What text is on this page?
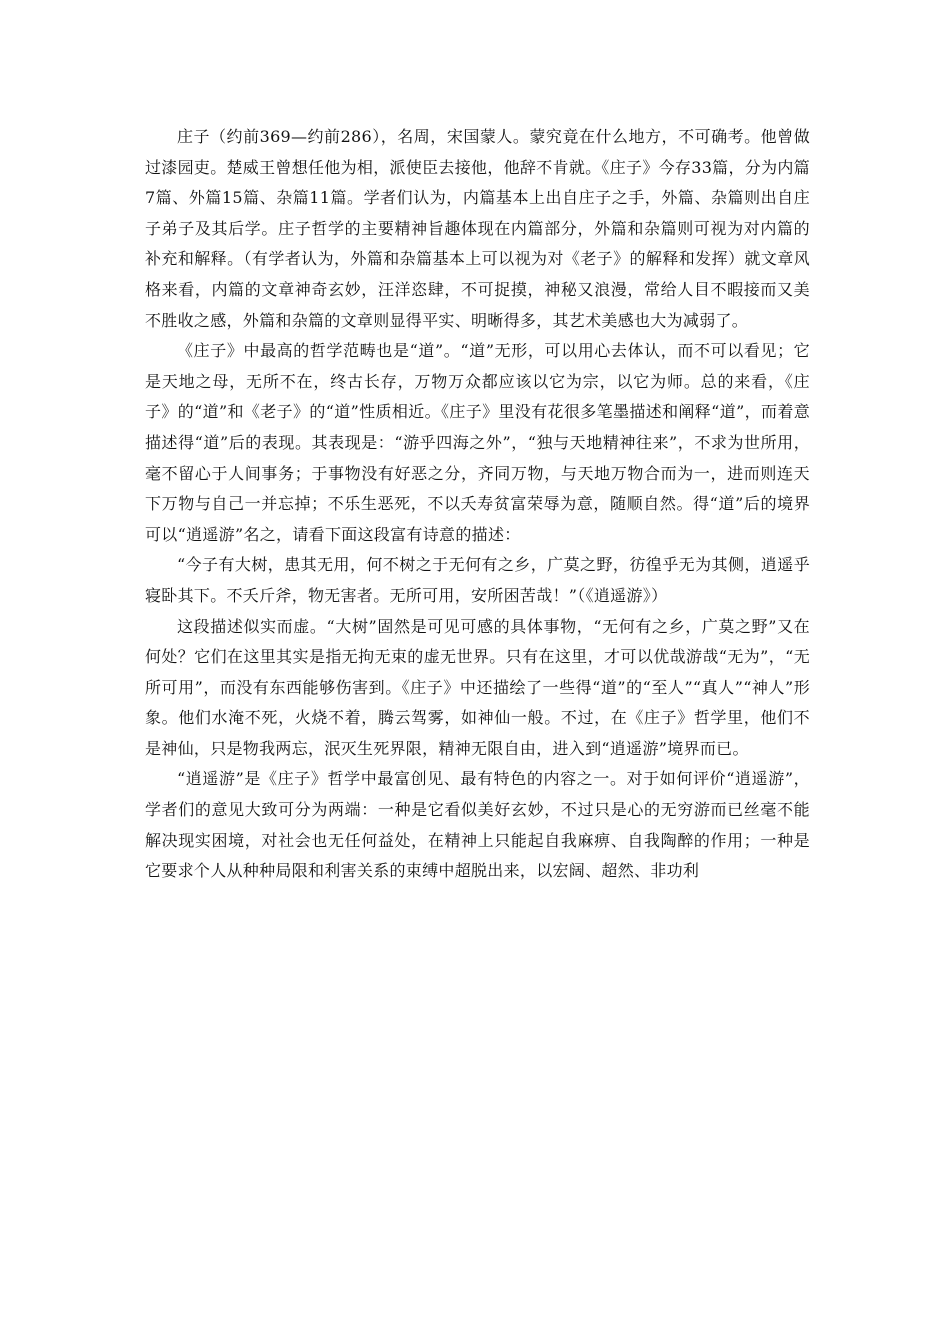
庄子（约前369—约前286），名周，宋国蒙人。蒙究竟在什么地方，不可确考。他曾做过漆园吏。楚威王曾想任他为相，派使臣去接他，他辞不肯就。《庄子》今存33篇，分为内篇7篇、外篇15篇、杂篇11篇。学者们认为，内篇基本上出自庄子之手，外篇、杂篇则出自庄子弟子及其后学。庄子哲学的主要精神旨趣体现在内篇部分，外篇和杂篇则可视为对内篇的补充和解释。（有学者认为，外篇和杂篇基本上可以视为对《老子》的解释和发挥）就文章风格来看，内篇的文章神奇玄妙，汪洋恣肆，不可捉摸，神秘又浪漫，常给人目不暇接而又美不胜收之感，外篇和杂篇的文章则显得平实、明晰得多，其艺术美感也大为减弱了。

《庄子》中最高的哲学范畴也是“道”。“道”无形，可以用心去体认，而不可以看见；它是天地之母，无所不在，终古长存，万物万众都应该以它为宗，以它为师。总的来看，《庄子》的“道”和《老子》的“道”性质相近。《庄子》里没有花很多笔墨描述和阐释“道”，而着意描述得“道”后的表现。其表现是：“游乎四海之外”，“独与天地精神往来”，不求为世所用，毫不留心于人间事务；于事物没有好恶之分，齐同万物，与天地万物合而为一，进而则连天下万物与自己一并忘掉；不乐生恶死，不以夭寿贫富荣辱为意，随顺自然。得“道”后的境界可以“逍遥游”名之，请看下面这段富有诗意的描述：

“今子有大树，患其无用，何不树之于无何有之乡，广莫之野，彷徨乎无为其侧，逍遥乎寝卧其下。不夭斤斧，物无害者。无所可用，安所困苦哉！”（《逍遥游》）

这段描述似实而虚。“大树”固然是可见可感的具体事物，“无何有之乡，广莫之野”又在何处？它们在这里其实是指无拘无束的虚无世界。只有在这里，才可以优哉游哉“无为”，“无所可用”，而没有东西能够伤害到。《庄子》中还描绘了一些得“道”的“至人”“真人”“神人”形象。他们水淹不死，火烧不着，腾云驾雾，如神仙一般。不过，在《庄子》哲学里，他们不是神仙，只是物我两忘，泯灭生死界限，精神无限自由，进入到“逍遥游”境界而已。

“逍遥游”是《庄子》哲学中最富创见、最有特色的内容之一。对于如何评价“逍遥游”，学者们的意见大致可分为两端：一种是它看似美好玄妙，不过只是心的无穷游而已丝毫不能解决现实困境，对社会也无任何益处，在精神上只能起自我麻痹、自我陶醉的作用；一种是它要求个人从种种局限和利害关系的束缚中超脱出来，以宏阔、超然、非功利
